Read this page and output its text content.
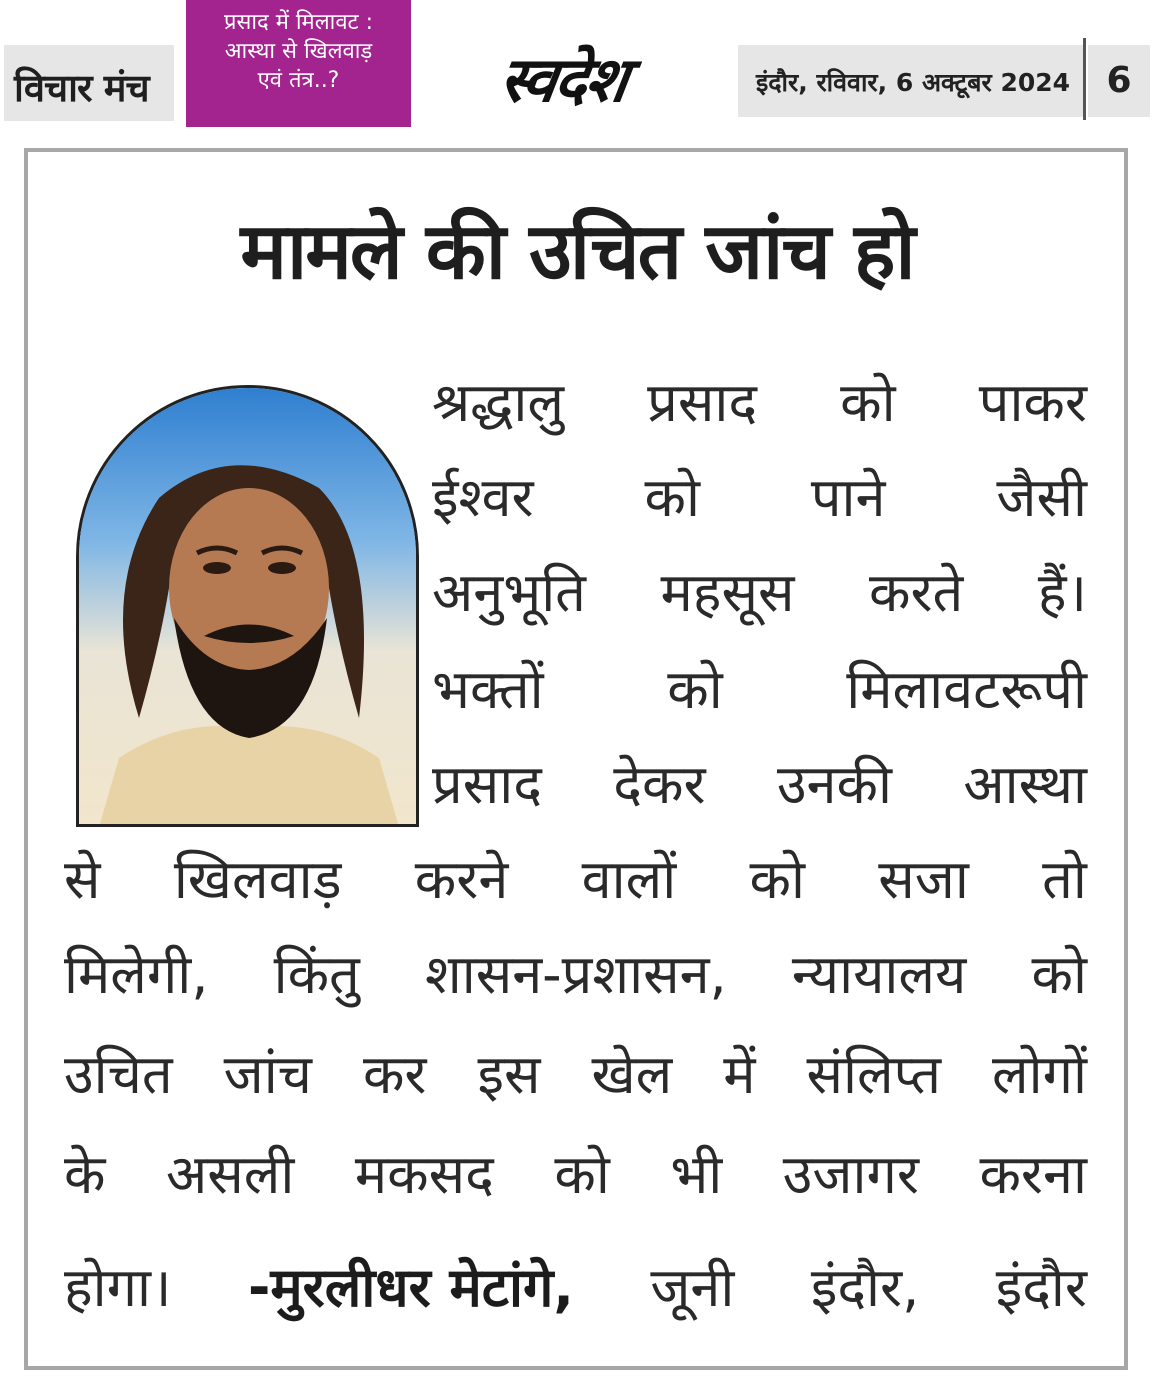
विचार मंच
प्रसाद में मिलावट :
आस्था से खिलवाड़
एवं तंत्र..?	स्वदेश	इंदौर, रविवार, 6 अक्टूबर 2024	6
मामले की उचित जांच हो
श्रद्धालु प्रसाद को पाकर
ईश्वर को पाने जैसी
अनुभूति महसूस करते हैं।
भक्तों को मिलावटरूपी
प्रसाद देकर उनकी आस्था
से खिलवाड़ करने वालों को सजा तो
मिलेगी, किंतु शासन-प्रशासन, न्यायालय को
उचित जांच कर इस खेल में संलिप्त लोगों
के असली मकसद को भी उजागर करना
होगा। -मुरलीधर मेटांगे, जूनी इंदौर, इंदौर
